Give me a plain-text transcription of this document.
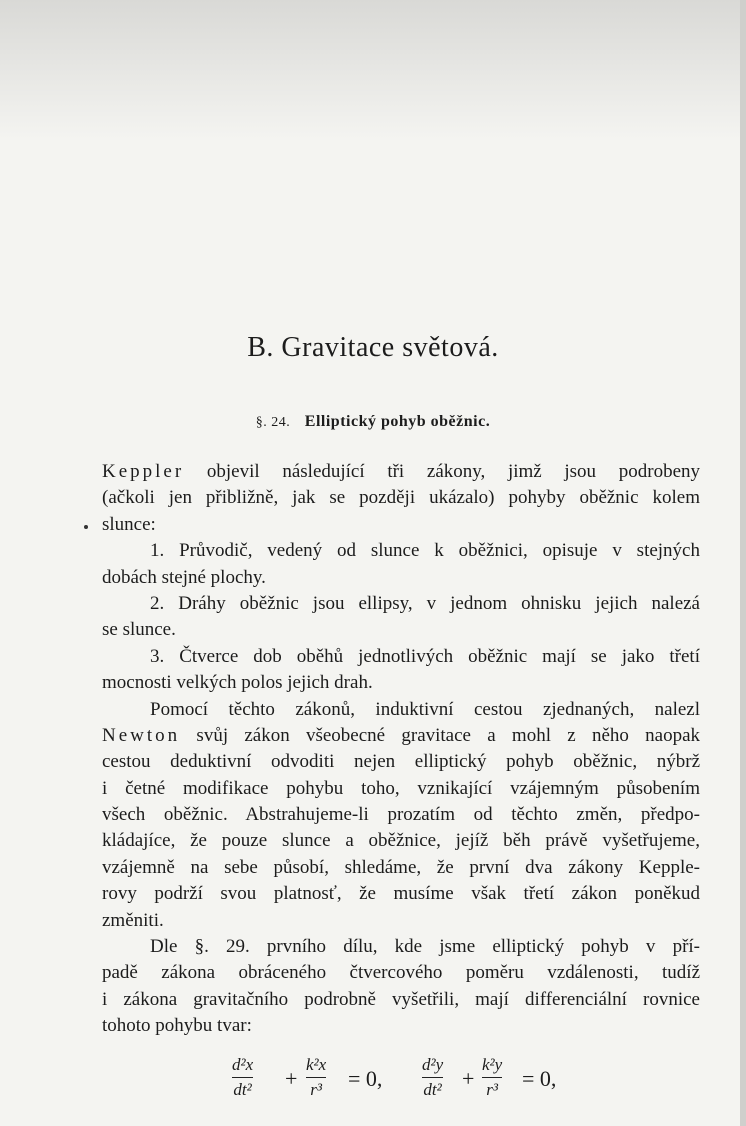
B. Gravitace světová.
§. 24. Elliptický pohyb oběžnic.
Keppler objevil následující tři zákony, jimž jsou podrobeny
(ačkoli jen přibližně, jak se později ukázalo) pohyby oběžnic kolem
slunce:
1. Průvodič, vedený od slunce k oběžnici, opisuje v stejných
dobách stejné plochy.
2. Dráhy oběžnic jsou ellipsy, v jednom ohnisku jejich nalezá
se slunce.
3. Čtverce dob oběhů jednotlivých oběžnic mají se jako třetí
mocnosti velkých polos jejich drah.
Pomocí těchto zákonů, induktivní cestou zjednaných, nalezl
Newton svůj zákon všeobecné gravitace a mohl z něho naopak
cestou deduktivní odvoditi nejen elliptický pohyb oběžnic, nýbrž
i četné modifikace pohybu toho, vznikající vzájemným působením
všech oběžnic. Abstrahujeme-li prozatím od těchto změn, předpo-
kládajíce, že pouze slunce a oběžnice, jejíž běh právě vyšetřujeme,
vzájemně na sebe působí, shledáme, že první dva zákony Kepple-
rovy podrží svou platnosť, že musíme však třetí zákon poněkud
změniti.
Dle §. 29. prvního dílu, kde jsme elliptický pohyb v pří-
padě zákona obráceného čtvercového poměru vzdálenosti, tudíž
i zákona gravitačního podrobně vyšetřili, mají differenciální rovnice
tohoto pohybu tvar:
d²x
dt² +
k²x
r³ = 0,
d²y
dt² +
k²y
r³ = 0,
